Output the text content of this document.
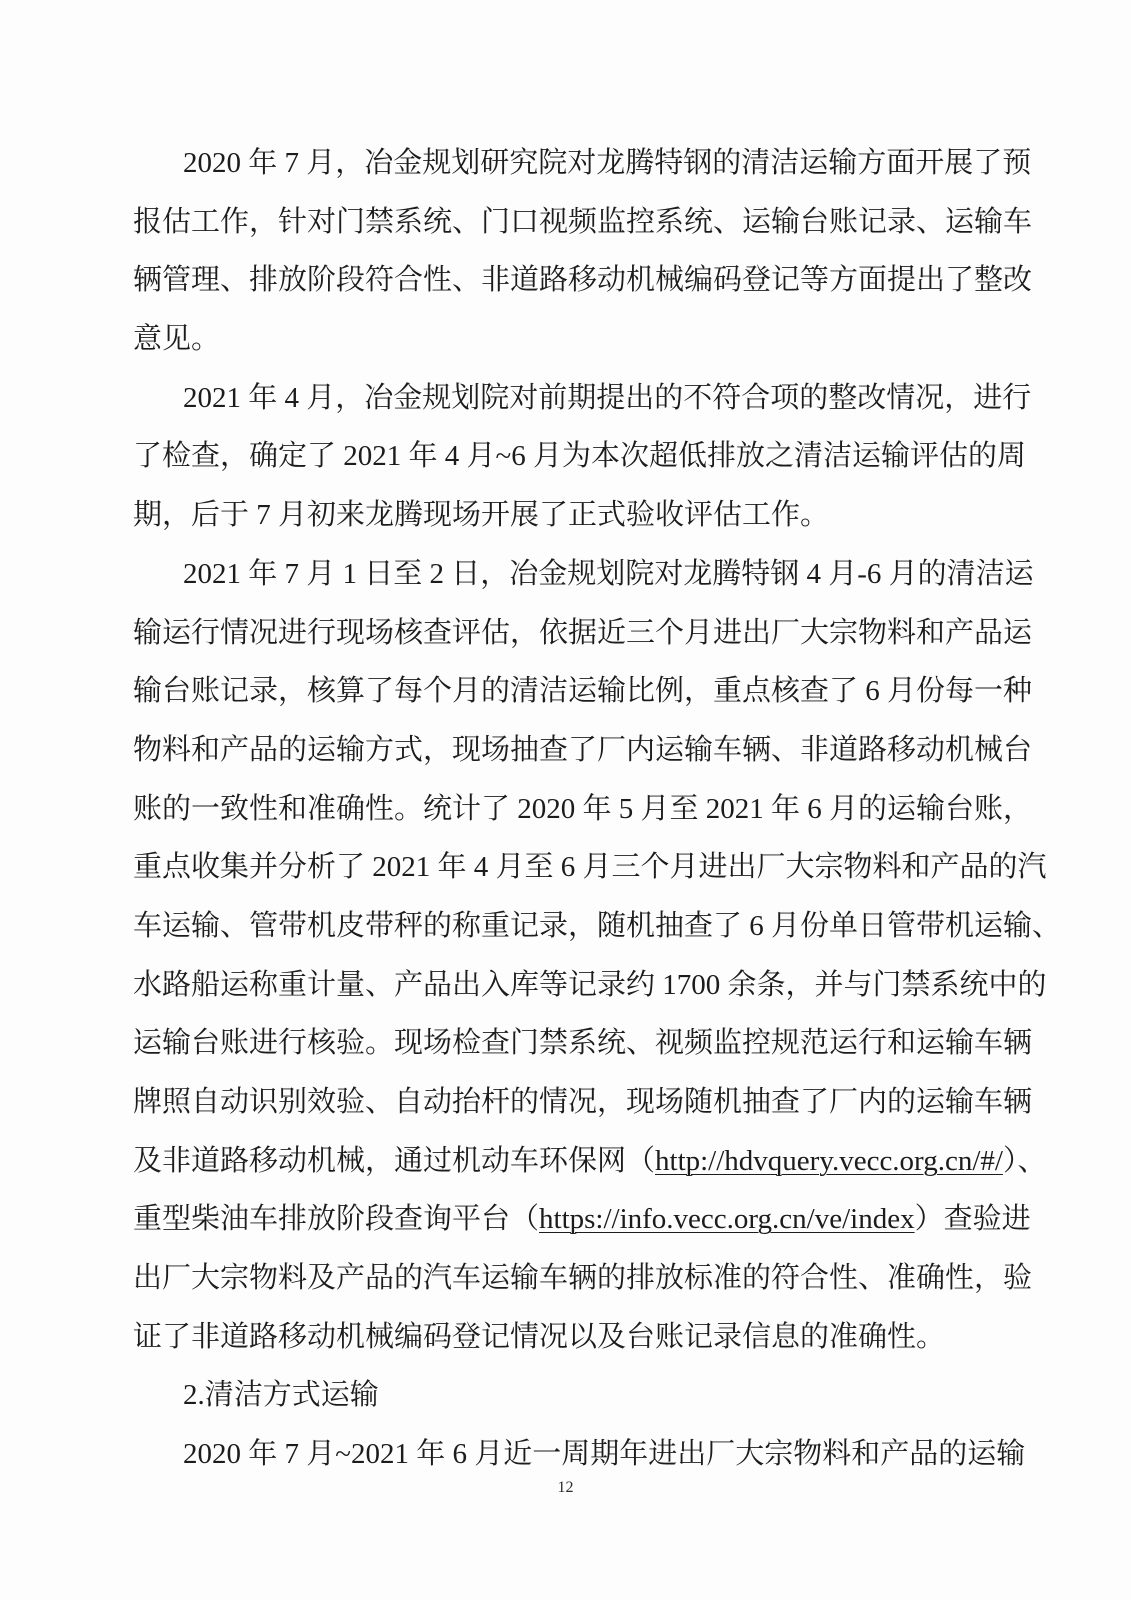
2020 年 7 月，冶金规划研究院对龙腾特钢的清洁运输方面开展了预
报估工作，针对门禁系统、门口视频监控系统、运输台账记录、运输车
辆管理、排放阶段符合性、非道路移动机械编码登记等方面提出了整改
意见。
2021 年 4 月，冶金规划院对前期提出的不符合项的整改情况，进行
了检查，确定了 2021 年 4 月~6 月为本次超低排放之清洁运输评估的周
期，后于 7 月初来龙腾现场开展了正式验收评估工作。
2021 年 7 月 1 日至 2 日，冶金规划院对龙腾特钢 4 月-6 月的清洁运
输运行情况进行现场核查评估，依据近三个月进出厂大宗物料和产品运
输台账记录，核算了每个月的清洁运输比例，重点核查了 6 月份每一种
物料和产品的运输方式，现场抽查了厂内运输车辆、非道路移动机械台
账的一致性和准确性。统计了 2020 年 5 月至 2021 年 6 月的运输台账，
重点收集并分析了 2021 年 4 月至 6 月三个月进出厂大宗物料和产品的汽
车运输、管带机皮带秤的称重记录，随机抽查了 6 月份单日管带机运输、
水路船运称重计量、产品出入库等记录约 1700 余条，并与门禁系统中的
运输台账进行核验。现场检查门禁系统、视频监控规范运行和运输车辆
牌照自动识别效验、自动抬杆的情况，现场随机抽查了厂内的运输车辆
及非道路移动机械，通过机动车环保网（http://hdvquery.vecc.org.cn/#/）、
重型柴油车排放阶段查询平台（https://info.vecc.org.cn/ve/index）查验进
出厂大宗物料及产品的汽车运输车辆的排放标准的符合性、准确性，验
证了非道路移动机械编码登记情况以及台账记录信息的准确性。
2.清洁方式运输
2020 年 7 月~2021 年 6 月近一周期年进出厂大宗物料和产品的运输
12
